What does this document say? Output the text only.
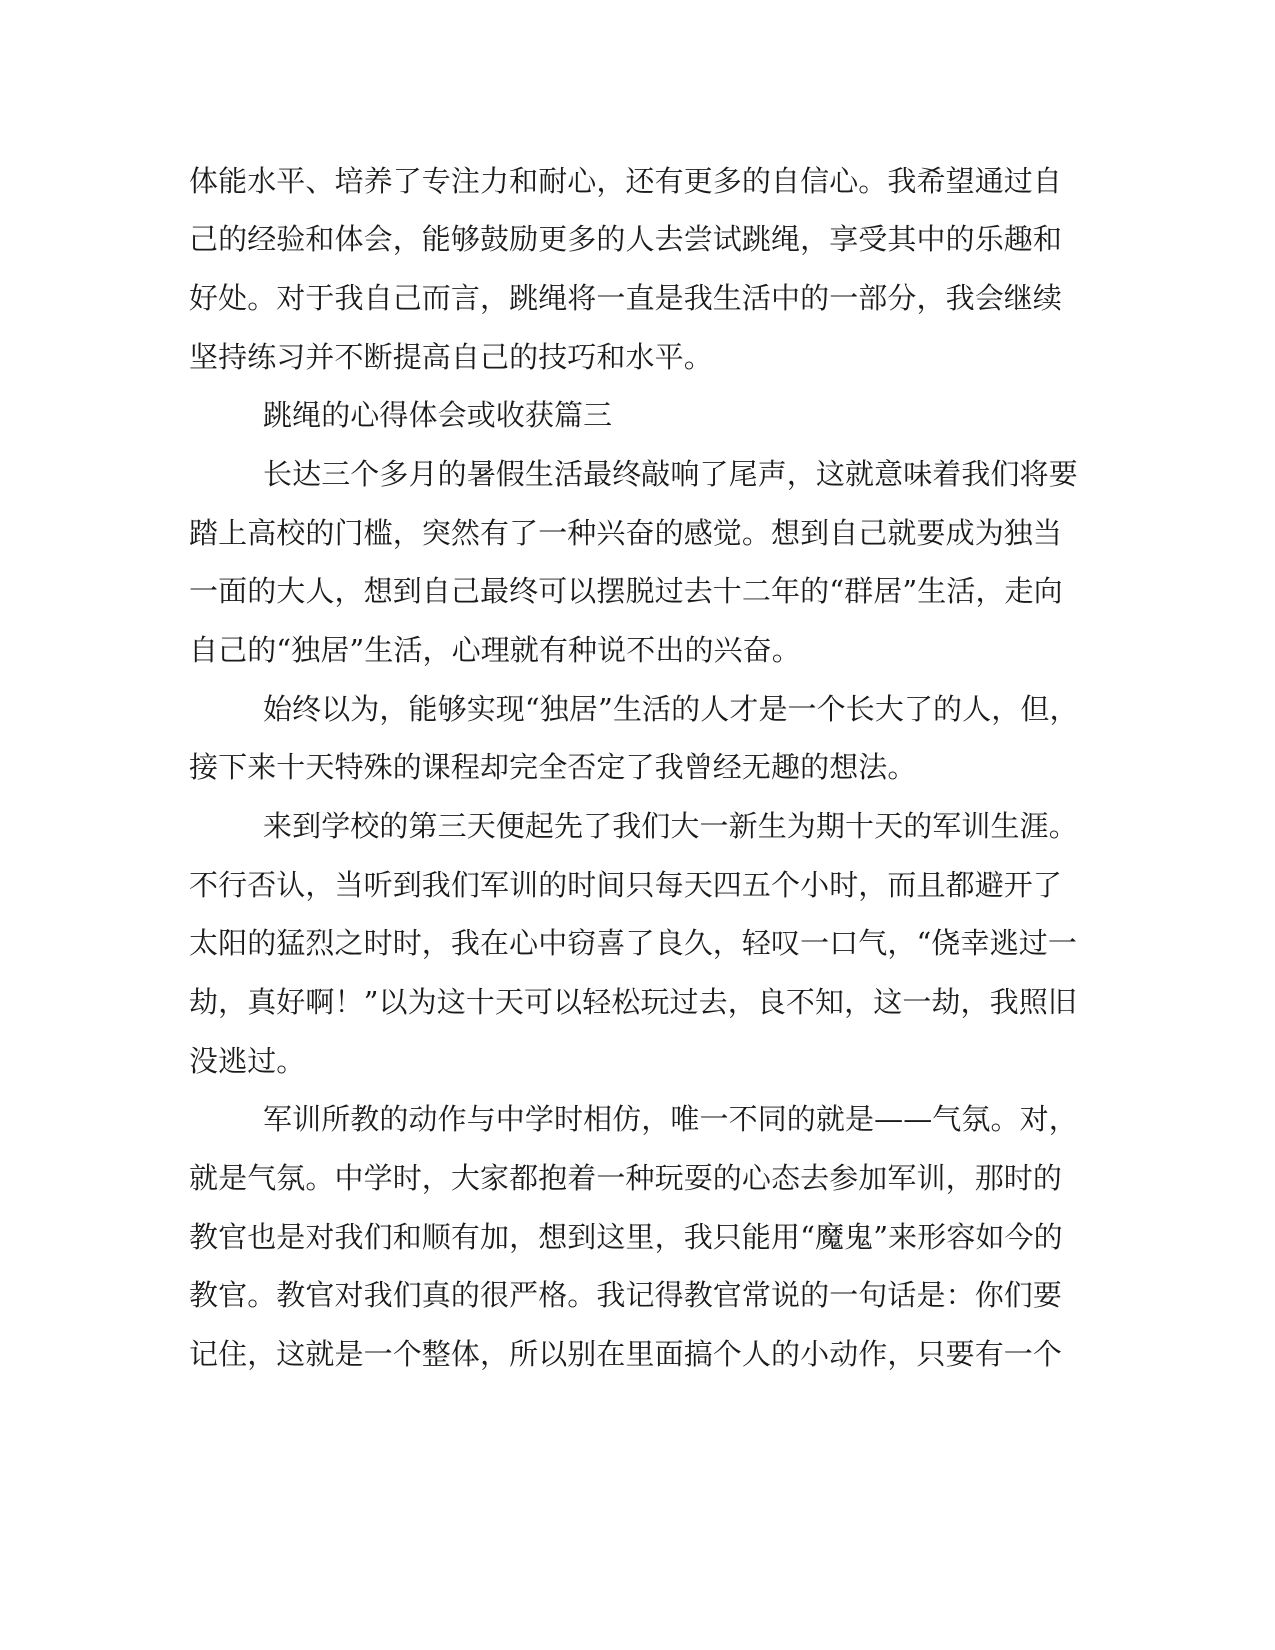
体能水平、培养了专注力和耐心，还有更多的自信心。我希望通过自
己的经验和体会，能够鼓励更多的人去尝试跳绳，享受其中的乐趣和
好处。对于我自己而言，跳绳将一直是我生活中的一部分，我会继续
坚持练习并不断提高自己的技巧和水平。
跳绳的心得体会或收获篇三
长达三个多月的暑假生活最终敲响了尾声，这就意味着我们将要
踏上高校的门槛，突然有了一种兴奋的感觉。想到自己就要成为独当
一面的大人，想到自己最终可以摆脱过去十二年的“群居”生活，走向
自己的“独居”生活，心理就有种说不出的兴奋。
始终以为，能够实现“独居”生活的人才是一个长大了的人，但，
接下来十天特殊的课程却完全否定了我曾经无趣的想法。
来到学校的第三天便起先了我们大一新生为期十天的军训生涯。
不行否认，当听到我们军训的时间只每天四五个小时，而且都避开了
太阳的猛烈之时时，我在心中窃喜了良久，轻叹一口气，“侥幸逃过一
劫，真好啊！”以为这十天可以轻松玩过去，良不知，这一劫，我照旧
没逃过。
军训所教的动作与中学时相仿，唯一不同的就是——气氛。对，
就是气氛。中学时，大家都抱着一种玩耍的心态去参加军训，那时的
教官也是对我们和顺有加，想到这里，我只能用“魔鬼”来形容如今的
教官。教官对我们真的很严格。我记得教官常说的一句话是：你们要
记住，这就是一个整体，所以别在里面搞个人的小动作，只要有一个
